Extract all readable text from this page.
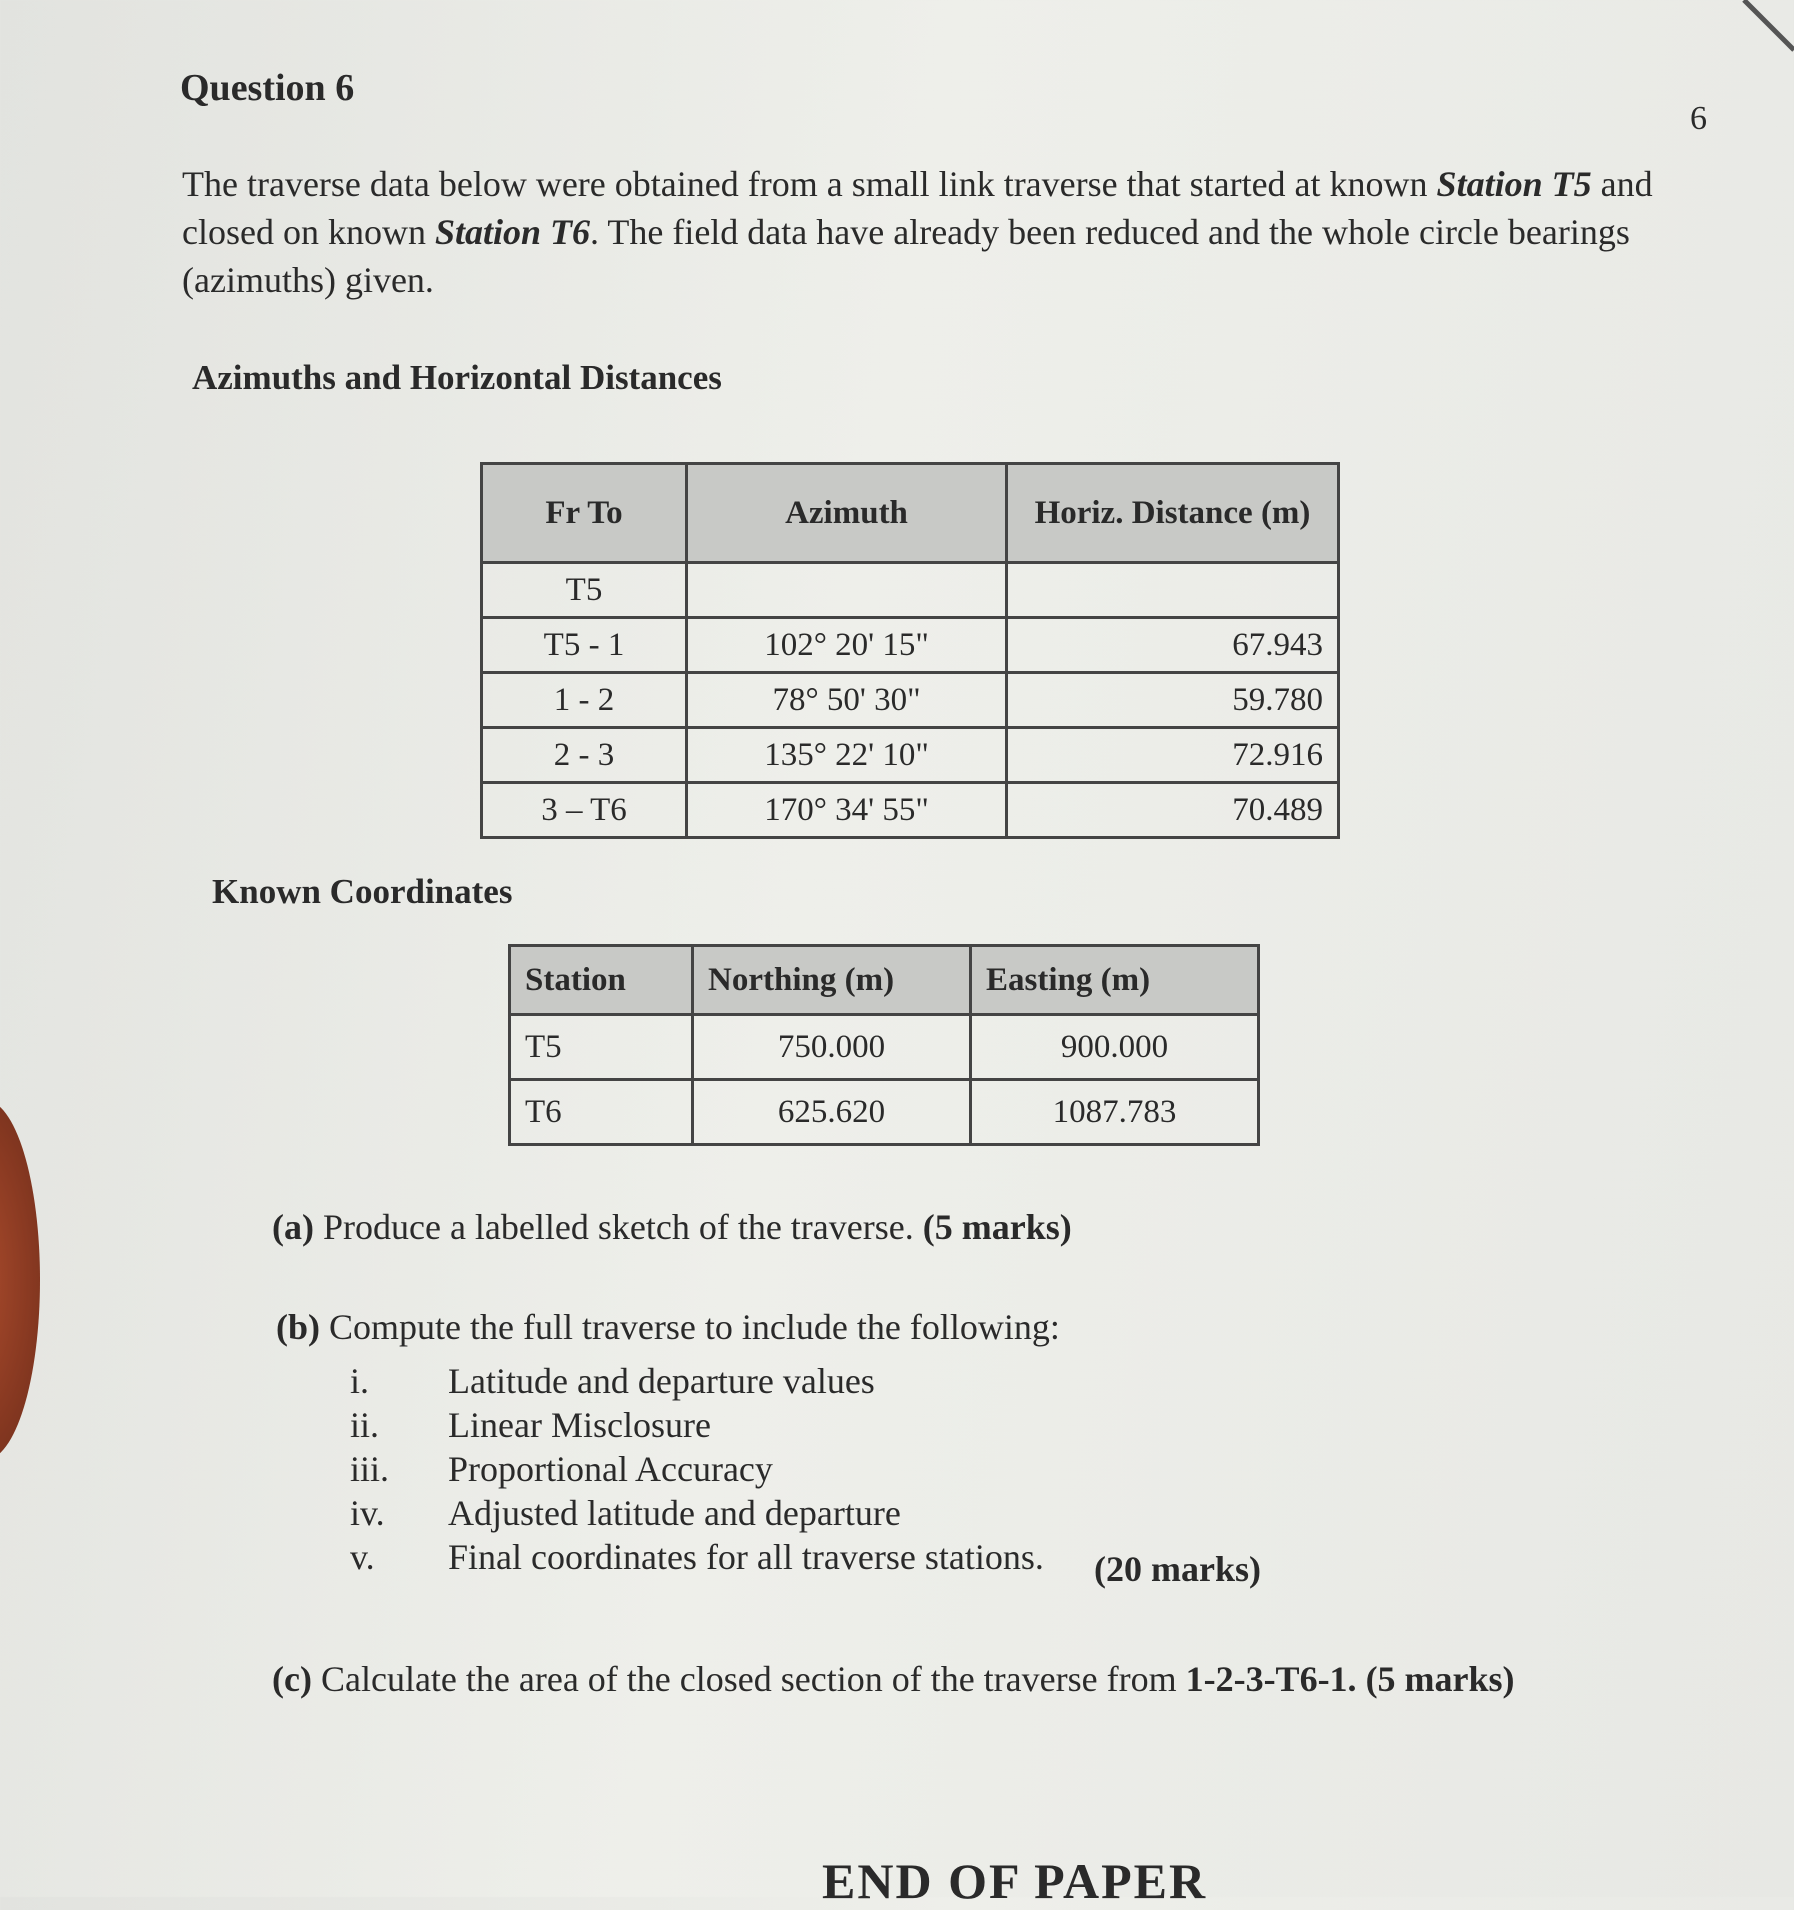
Question 6
6

The traverse data below were obtained from a small link traverse that started at known Station T5 and closed on known Station T6. The field data have already been reduced and the whole circle bearings (azimuths) given.

Azimuths and Horizontal Distances
Fr To	Azimuth	Horiz. Distance (m)
T5		
T5 - 1	102° 20' 15"	67.943
1 - 2	78° 50' 30"	59.780
2 - 3	135° 22' 10"	72.916
3 – T6	170° 34' 55"	70.489
Known Coordinates
Station	Northing (m)	Easting (m)
T5	750.000	900.000
T6	625.620	1087.783
(a) Produce a labelled sketch of the traverse. (5 marks)
(b) Compute the full traverse to include the following:
i.	Latitude and departure values
ii.	Linear Misclosure
iii.	Proportional Accuracy
iv.	Adjusted latitude and departure
v.	Final coordinates for all traverse stations. (20 marks)
(c) Calculate the area of the closed section of the traverse from 1-2-3-T6-1. (5 marks)
END OF PAPER
